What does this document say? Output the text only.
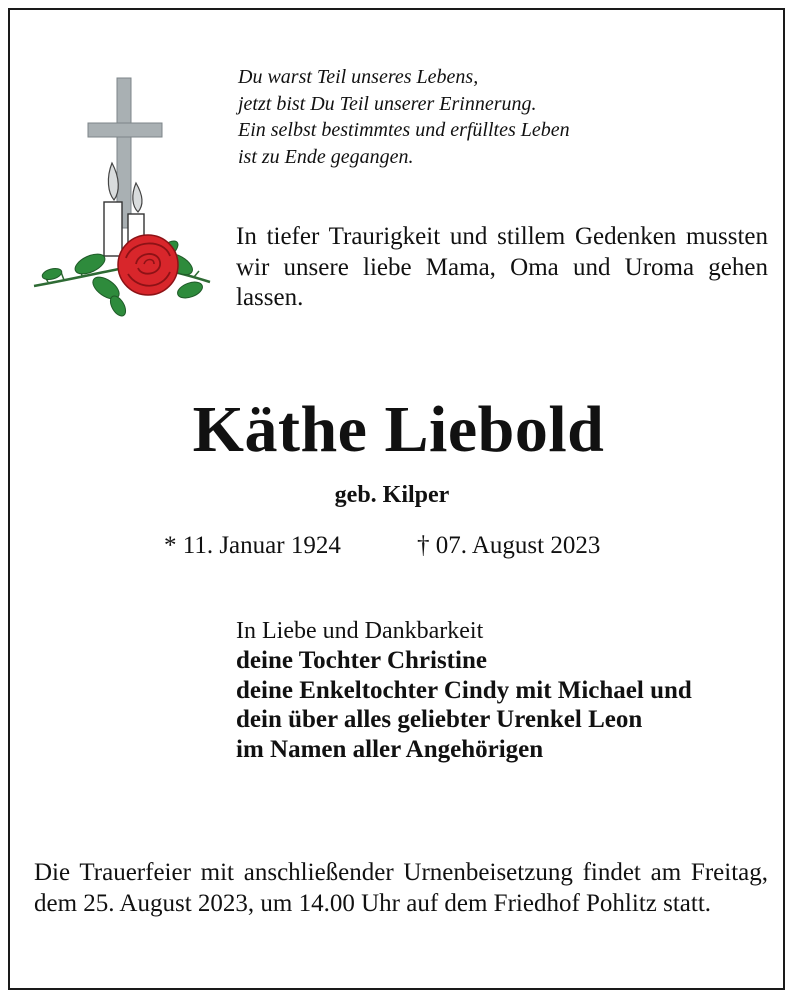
Du warst Teil unseres Lebens,
jetzt bist Du Teil unserer Erinnerung.
Ein selbst bestimmtes und erfülltes Leben
ist zu Ende gegangen.
In tiefer Traurigkeit und stillem Gedenken mussten wir unsere liebe Mama, Oma und Uroma gehen lassen.
Käthe Liebold
geb. Kilper
* 11. Januar 1924	† 07. August 2023
In Liebe und Dankbarkeit
deine Tochter Christine
deine Enkeltochter Cindy mit Michael und
dein über alles geliebter Urenkel Leon
im Namen aller Angehörigen
Die Trauerfeier mit anschließender Urnenbeisetzung findet am Freitag, dem 25. August 2023, um 14.00 Uhr auf dem Friedhof Pohlitz statt.
